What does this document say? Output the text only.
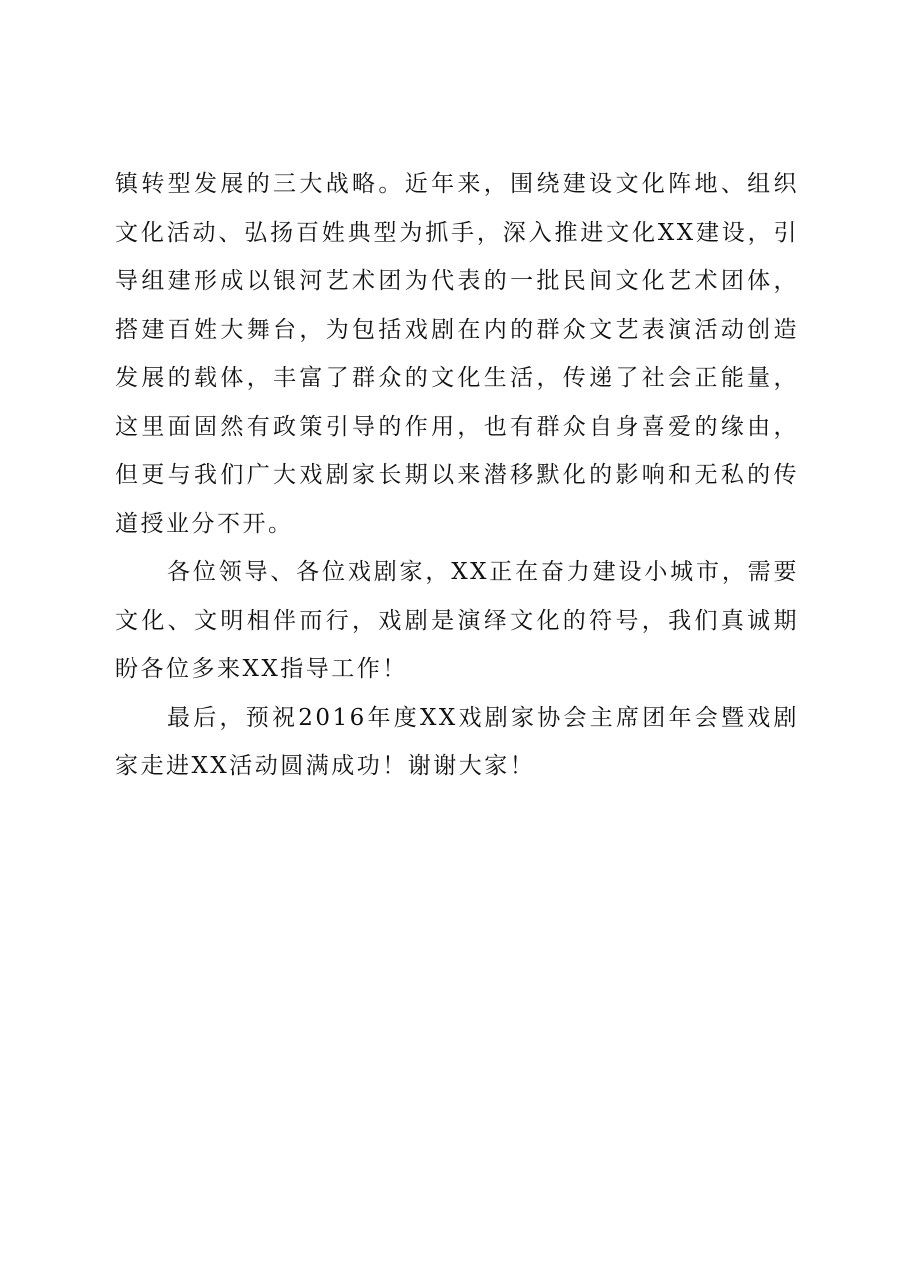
镇转型发展的三大战略。近年来，围绕建设文化阵地、组织文化活动、弘扬百姓典型为抓手，深入推进文化XX建设，引导组建形成以银河艺术团为代表的一批民间文化艺术团体，搭建百姓大舞台，为包括戏剧在内的群众文艺表演活动创造发展的载体，丰富了群众的文化生活，传递了社会正能量，这里面固然有政策引导的作用，也有群众自身喜爱的缘由，但更与我们广大戏剧家长期以来潜移默化的影响和无私的传道授业分不开。

各位领导、各位戏剧家，XX正在奋力建设小城市，需要文化、文明相伴而行，戏剧是演绎文化的符号，我们真诚期盼各位多来XX指导工作！

最后，预祝2016年度XX戏剧家协会主席团年会暨戏剧家走进XX活动圆满成功！谢谢大家！
